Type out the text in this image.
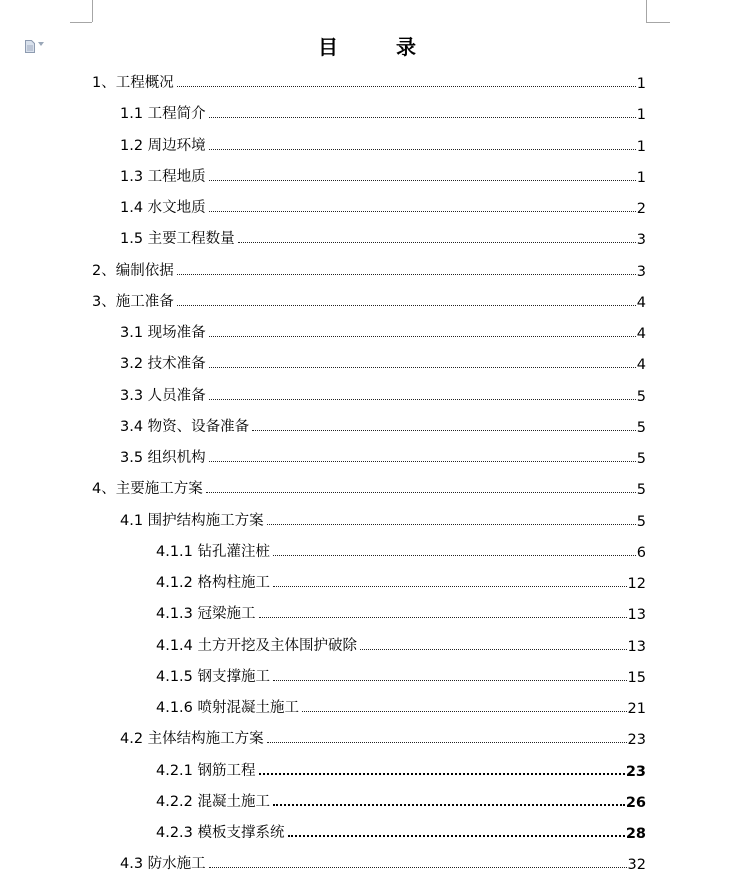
目	录
1、工程概况	1
1.1 工程简介	1
1.2 周边环境	1
1.3 工程地质	1
1.4 水文地质	2
1.5 主要工程数量	3
2、编制依据	3
3、施工准备	4
3.1 现场准备	4
3.2 技术准备	4
3.3 人员准备	5
3.4 物资、设备准备	5
3.5 组织机构	5
4、主要施工方案	5
4.1 围护结构施工方案	5
4.1.1 钻孔灌注桩	6
4.1.2 格构柱施工	12
4.1.3 冠梁施工	13
4.1.4 土方开挖及主体围护破除	13
4.1.5 钢支撑施工	15
4.1.6 喷射混凝土施工	21
4.2 主体结构施工方案	23
4.2.1 钢筋工程	23
4.2.2 混凝土施工	26
4.2.3 模板支撑系统	28
4.3 防水施工	32
